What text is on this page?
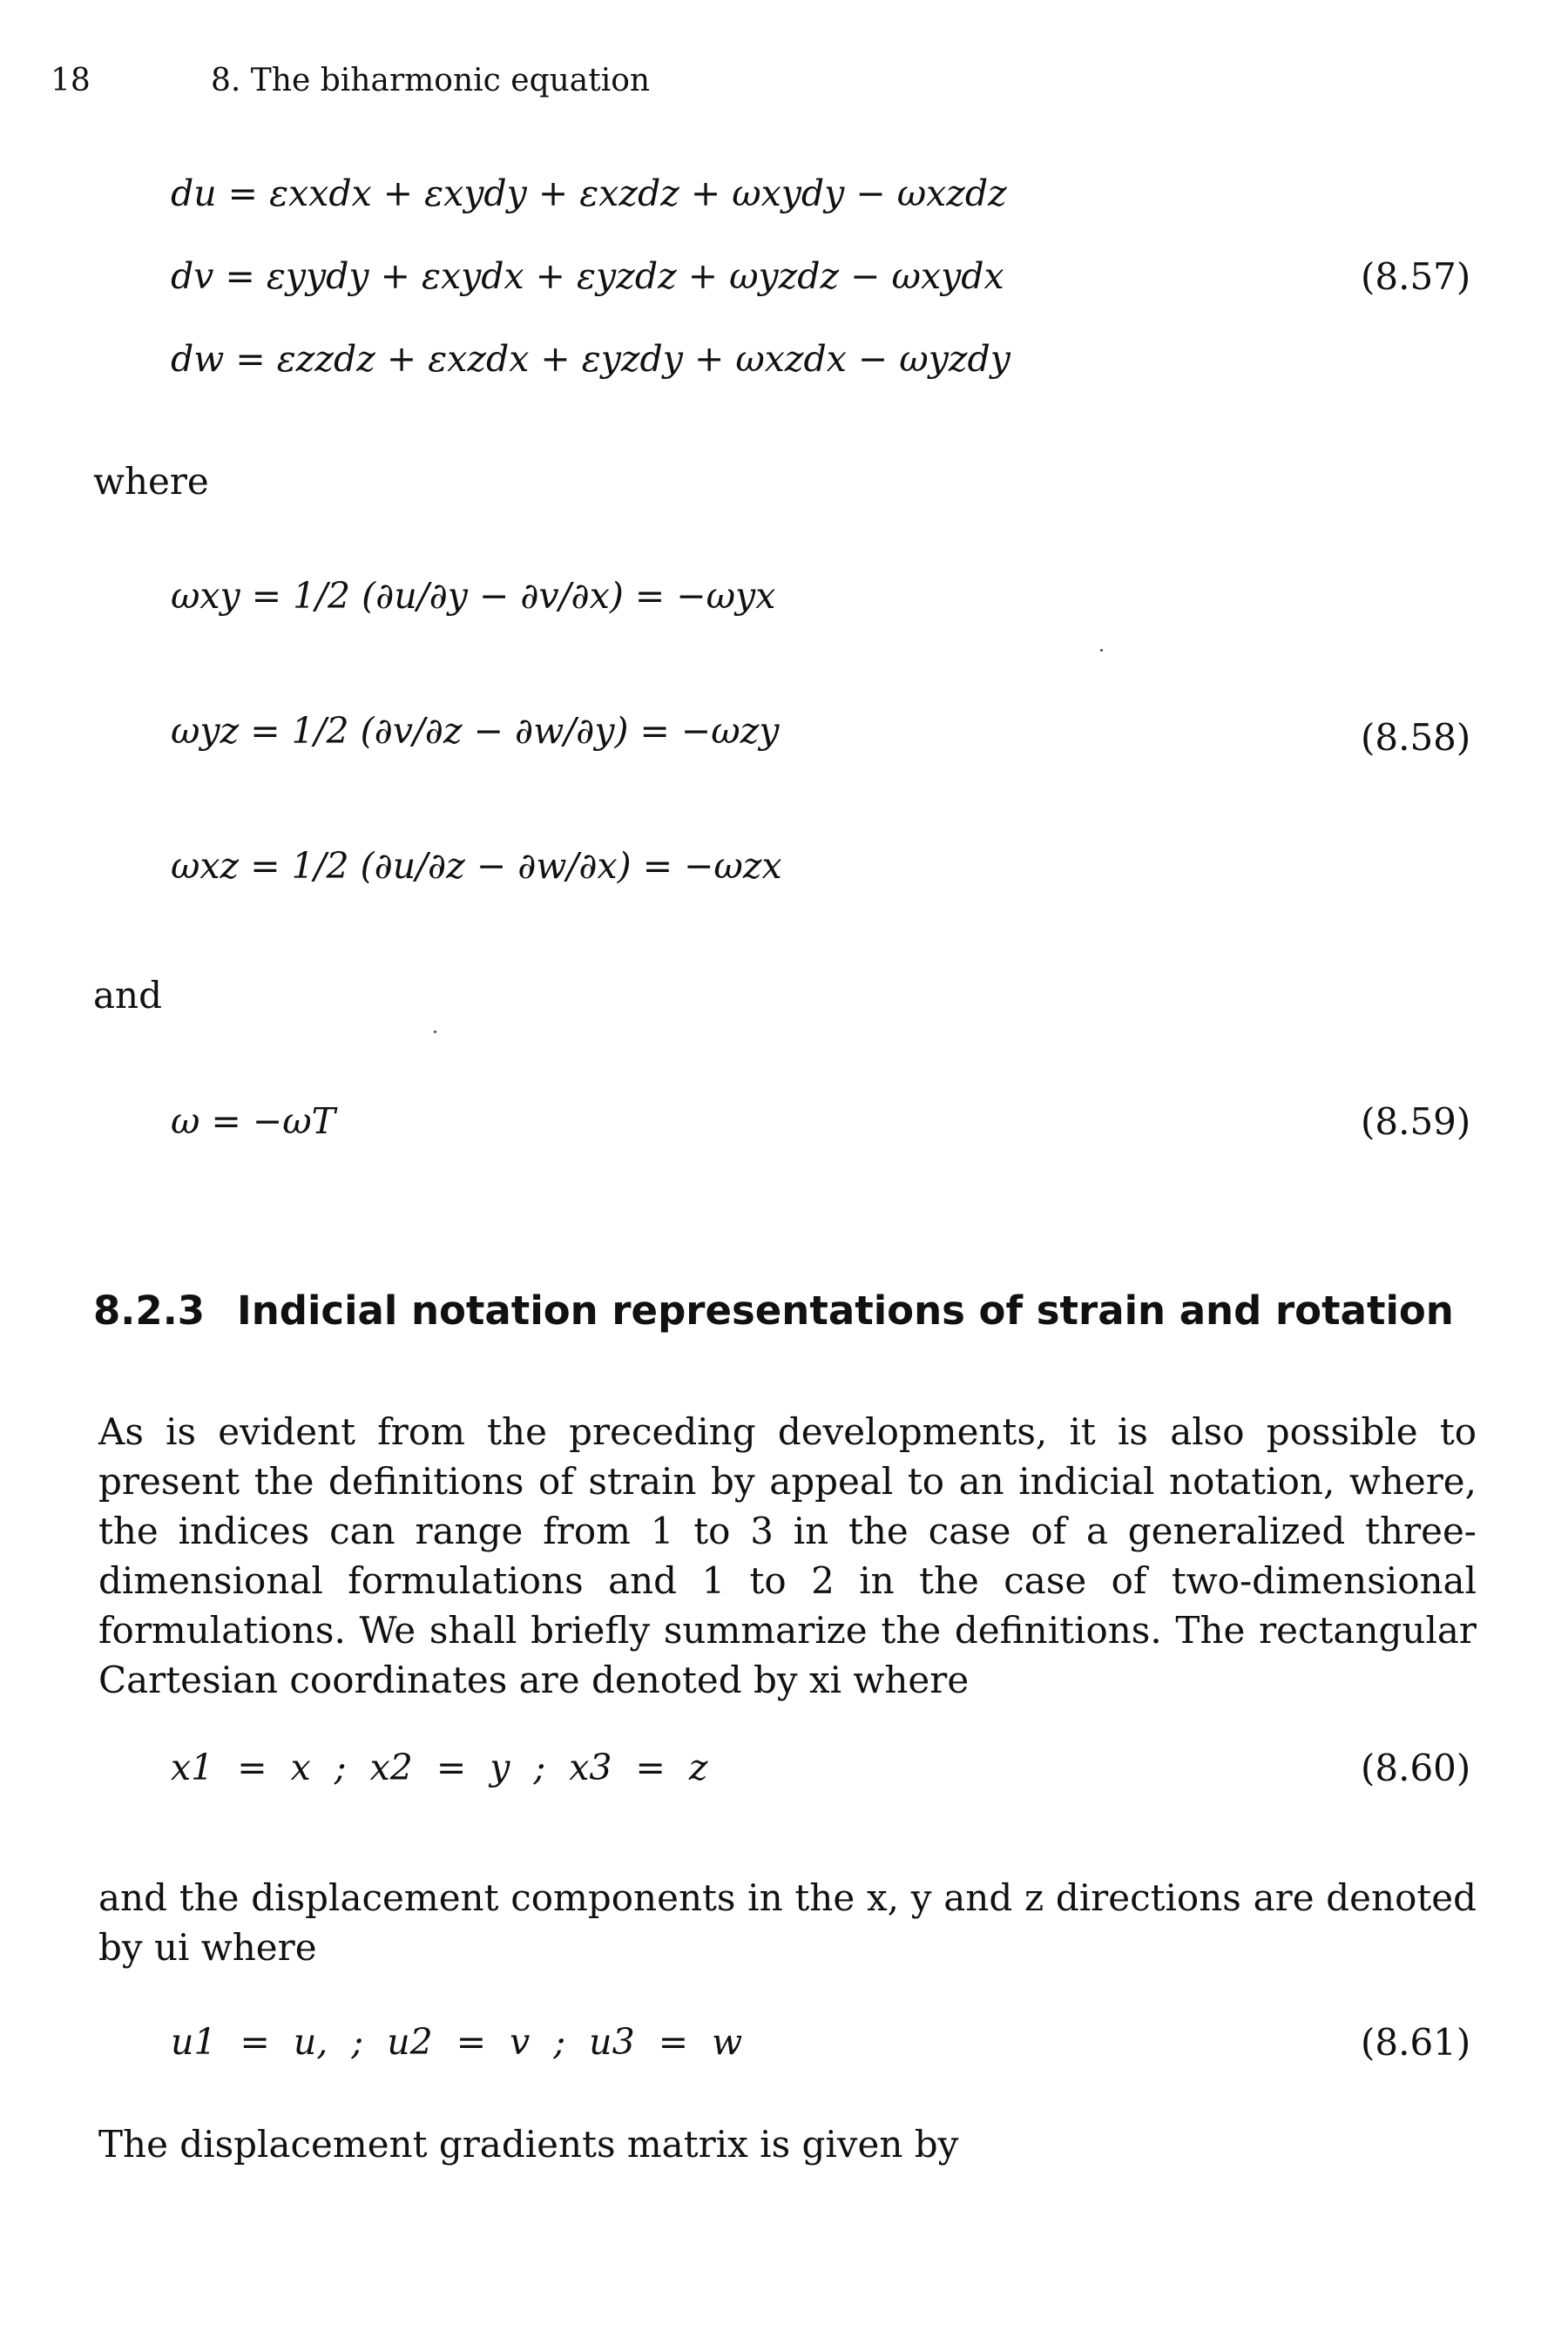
18	8. The biharmonic equation
du = εxxdx + εxydy + εxzdz + ωxydy − ωxzdz
dv = εyydy + εxydx + εyzdz + ωyzdz − ωxydx
dw = εzzdz + εxzdx + εyzdy + ωxzdx − ωyzdy
(8.57)
where
ωxy = 1/2 (∂u/∂y − ∂v/∂x) = −ωyx
ωyz = 1/2 (∂v/∂z − ∂w/∂y) = −ωzy
ωxz = 1/2 (∂u/∂z − ∂w/∂x) = −ωzx
(8.58)
and
ω = −ωT	(8.59)
8.2.3 Indicial notation representations of strain and rotation
As is evident from the preceding developments, it is also possible to present the definitions of strain by appeal to an indicial notation, where, the indices can range from 1 to 3 in the case of a generalized three-dimensional formulations and 1 to 2 in the case of two-dimensional formulations. We shall briefly summarize the definitions. The rectangular Cartesian coordinates are denoted by xi where
x1 = x ; x2 = y ; x3 = z	(8.60)
and the displacement components in the x, y and z directions are denoted by ui where
u1 = u, ; u2 = v ; u3 = w	(8.61)
The displacement gradients matrix is given by
